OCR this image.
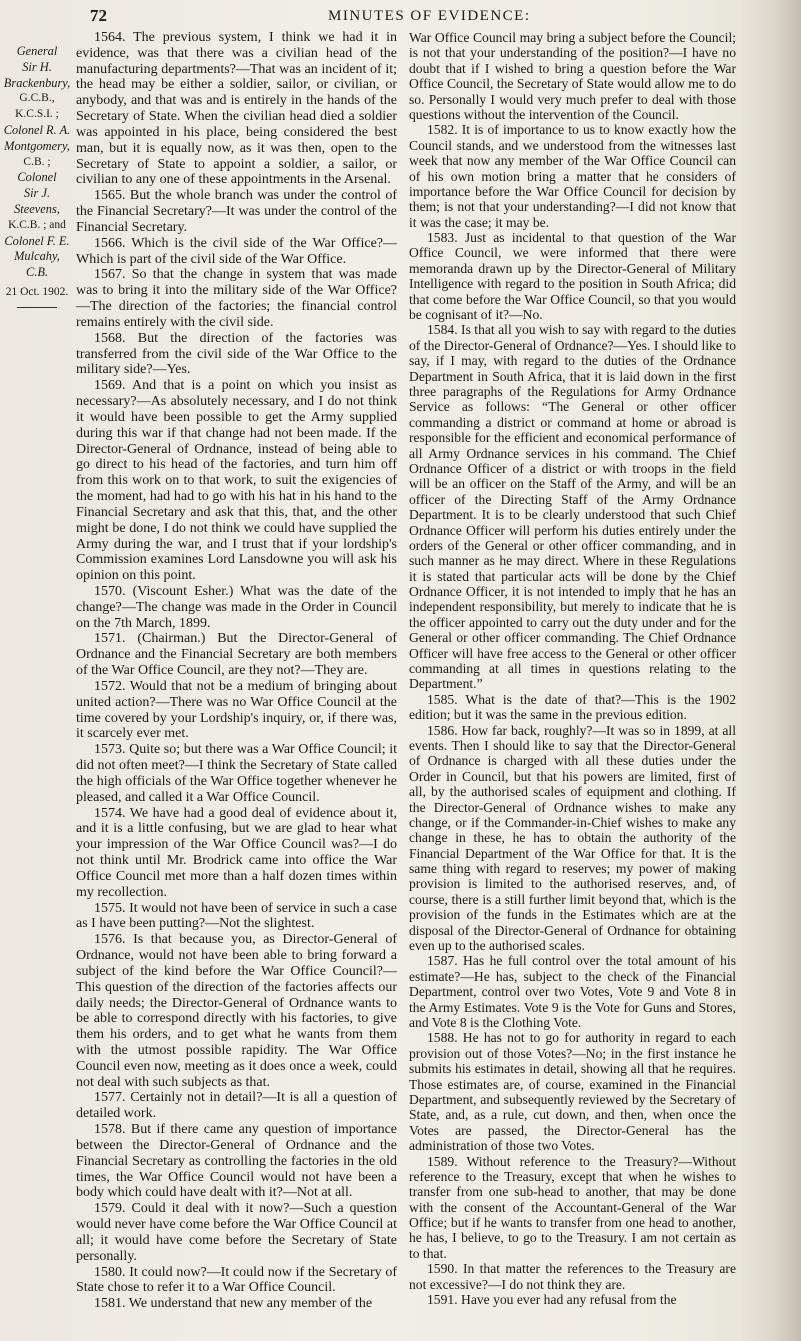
72	MINUTES OF EVIDENCE:
General
Sir H.
Brackenbury,
G.C.B.,
K.C.S.I. ;
Colonel R. A.
Montgomery,
C.B. ;
Colonel
Sir J.
Steevens,
K.C.B. ; and
Colonel F. E.
Mulcahy, C.B.
21 Oct. 1902.

1564. The previous system, I think we had it in evidence, was that there was a civilian head of the manufacturing departments?—That was an incident of it; the head may be either a soldier, sailor, or civilian, or anybody, and that was and is entirely in the hands of the Secretary of State. When the civilian head died a soldier was appointed in his place, being considered the best man, but it is equally now, as it was then, open to the Secretary of State to appoint a soldier, a sailor, or civilian to any one of these appointments in the Arsenal.

1565. But the whole branch was under the control of the Financial Secretary?—It was under the control of the Financial Secretary.

1566. Which is the civil side of the War Office?—Which is part of the civil side of the War Office.

1567. So that the change in system that was made was to bring it into the military side of the War Office?—The direction of the factories; the financial control remains entirely with the civil side.

1568. But the direction of the factories was transferred from the civil side of the War Office to the military side?—Yes.

1569. And that is a point on which you insist as necessary?—As absolutely necessary, and I do not think it would have been possible to get the Army supplied during this war if that change had not been made. If the Director-General of Ordnance, instead of being able to go direct to his head of the factories, and turn him off from this work on to that work, to suit the exigencies of the moment, had had to go with his hat in his hand to the Financial Secretary and ask that this, that, and the other might be done, I do not think we could have supplied the Army during the war, and I trust that if your lordship's Commission examines Lord Lansdowne you will ask his opinion on this point.

1570. (Viscount Esher.) What was the date of the change?—The change was made in the Order in Council on the 7th March, 1899.

1571. (Chairman.) But the Director-General of Ordnance and the Financial Secretary are both members of the War Office Council, are they not?—They are.

1572. Would that not be a medium of bringing about united action?—There was no War Office Council at the time covered by your Lordship's inquiry, or, if there was, it scarcely ever met.

1573. Quite so; but there was a War Office Council; it did not often meet?—I think the Secretary of State called the high officials of the War Office together whenever he pleased, and called it a War Office Council.

1574. We have had a good deal of evidence about it, and it is a little confusing, but we are glad to hear what your impression of the War Office Council was?—I do not think until Mr. Brodrick came into office the War Office Council met more than a half dozen times within my recollection.

1575. It would not have been of service in such a case as I have been putting?—Not the slightest.

1576. Is that because you, as Director-General of Ordnance, would not have been able to bring forward a subject of the kind before the War Office Council?—This question of the direction of the factories affects our daily needs; the Director-General of Ordnance wants to be able to correspond directly with his factories, to give them his orders, and to get what he wants from them with the utmost possible rapidity. The War Office Council even now, meeting as it does once a week, could not deal with such subjects as that.

1577. Certainly not in detail?—It is all a question of detailed work.

1578. But if there came any question of importance between the Director-General of Ordnance and the Financial Secretary as controlling the factories in the old times, the War Office Council would not have been a body which could have dealt with it?—Not at all.

1579. Could it deal with it now?—Such a question would never have come before the War Office Council at all; it would have come before the Secretary of State personally.

1580. It could now?—It could now if the Secretary of State chose to refer it to a War Office Council.

1581. We understand that new any member of the

War Office Council may bring a subject before the Council; is not that your understanding of the position?—I have no doubt that if I wished to bring a question before the War Office Council, the Secretary of State would allow me to do so. Personally I would very much prefer to deal with those questions without the intervention of the Council.

1582. It is of importance to us to know exactly how the Council stands, and we understood from the witnesses last week that now any member of the War Office Council can of his own motion bring a matter that he considers of importance before the War Office Council for decision by them; is not that your understanding?—I did not know that it was the case; it may be.

1583. Just as incidental to that question of the War Office Council, we were informed that there were memoranda drawn up by the Director-General of Military Intelligence with regard to the position in South Africa; did that come before the War Office Council, so that you would be cognisant of it?—No.

1584. Is that all you wish to say with regard to the duties of the Director-General of Ordnance?—Yes. I should like to say, if I may, with regard to the duties of the Ordnance Department in South Africa, that it is laid down in the first three paragraphs of the Regulations for Army Ordnance Service as follows: “The General or other officer commanding a district or command at home or abroad is responsible for the efficient and economical performance of all Army Ordnance services in his command. The Chief Ordnance Officer of a district or with troops in the field will be an officer on the Staff of the Army, and will be an officer of the Directing Staff of the Army Ordnance Department. It is to be clearly understood that such Chief Ordnance Officer will perform his duties entirely under the orders of the General or other officer commanding, and in such manner as he may direct. Where in these Regulations it is stated that particular acts will be done by the Chief Ordnance Officer, it is not intended to imply that he has an independent responsibility, but merely to indicate that he is the officer appointed to carry out the duty under and for the General or other officer commanding. The Chief Ordnance Officer will have free access to the General or other officer commanding at all times in questions relating to the Department.”

1585. What is the date of that?—This is the 1902 edition; but it was the same in the previous edition.

1586. How far back, roughly?—It was so in 1899, at all events. Then I should like to say that the Director-General of Ordnance is charged with all these duties under the Order in Council, but that his powers are limited, first of all, by the authorised scales of equipment and clothing. If the Director-General of Ordnance wishes to make any change, or if the Commander-in-Chief wishes to make any change in these, he has to obtain the authority of the Financial Department of the War Office for that. It is the same thing with regard to reserves; my power of making provision is limited to the authorised reserves, and, of course, there is a still further limit beyond that, which is the provision of the funds in the Estimates which are at the disposal of the Director-General of Ordnance for obtaining even up to the authorised scales.

1587. Has he full control over the total amount of his estimate?—He has, subject to the check of the Financial Department, control over two Votes, Vote 9 and Vote 8 in the Army Estimates. Vote 9 is the Vote for Guns and Stores, and Vote 8 is the Clothing Vote.

1588. He has not to go for authority in regard to each provision out of those Votes?—No; in the first instance he submits his estimates in detail, showing all that he requires. Those estimates are, of course, examined in the Financial Department, and subsequently reviewed by the Secretary of State, and, as a rule, cut down, and then, when once the Votes are passed, the Director-General has the administration of those two Votes.

1589. Without reference to the Treasury?—Without reference to the Treasury, except that when he wishes to transfer from one sub-head to another, that may be done with the consent of the Accountant-General of the War Office; but if he wants to transfer from one head to another, he has, I believe, to go to the Treasury. I am not certain as to that.

1590. In that matter the references to the Treasury are not excessive?—I do not think they are.

1591. Have you ever had any refusal from the
